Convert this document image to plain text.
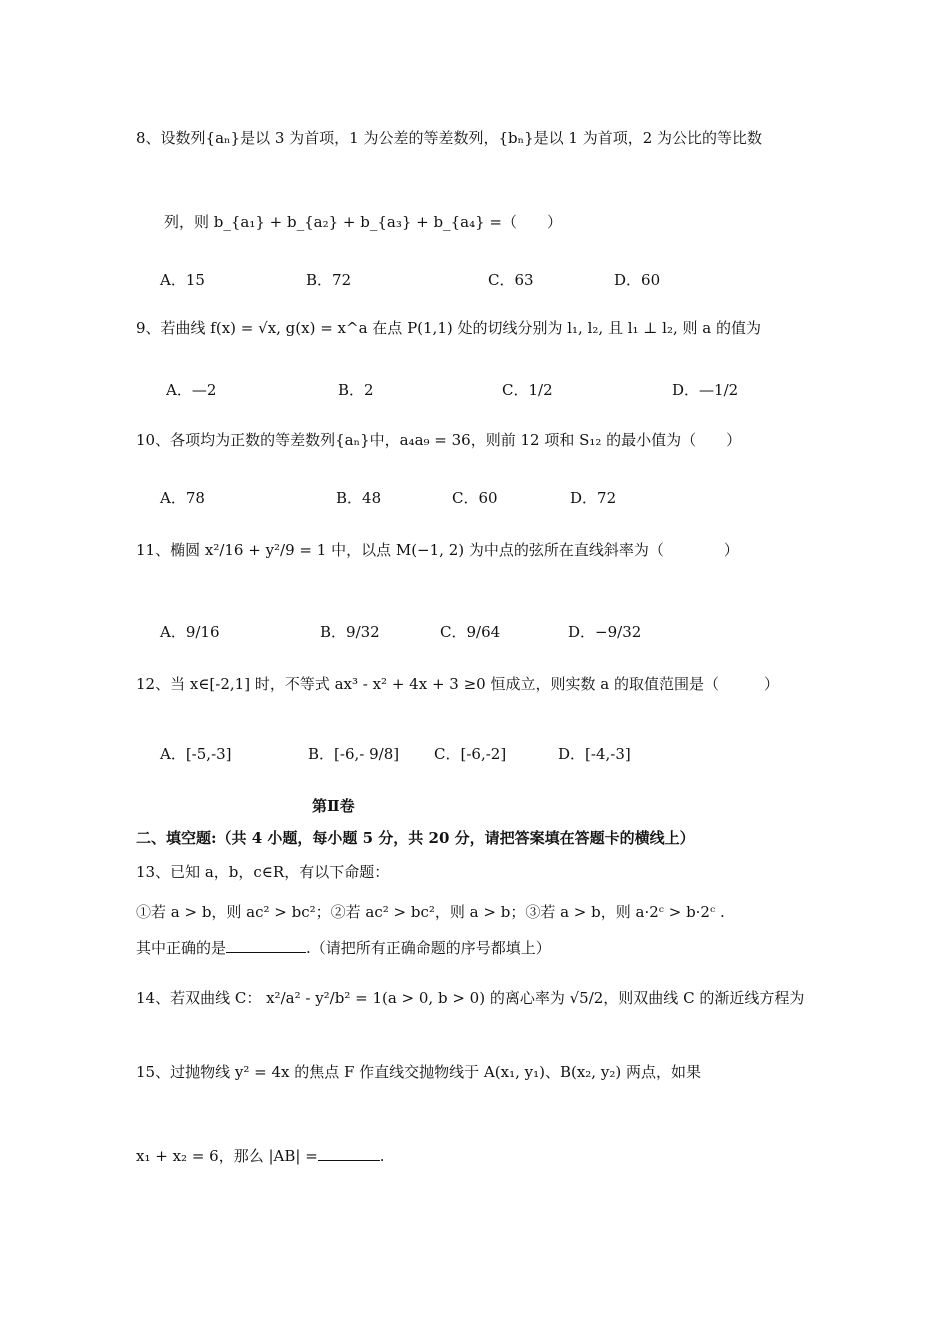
8、设数列{aₙ}是以 3 为首项，1 为公差的等差数列，{bₙ}是以 1 为首项，2 为公比的等比数
列，则 b_{a₁} + b_{a₂} + b_{a₃} + b_{a₄} =（　　）
A．15	B．72	C．63	D．60
9、若曲线 f(x) = √x, g(x) = x^a 在点 P(1,1) 处的切线分别为 l₁, l₂, 且 l₁ ⊥ l₂, 则 a 的值为
A．—2	B．2	C．1/2	D．—1/2
10、各项均为正数的等差数列{aₙ}中，a₄a₉ = 36，则前 12 项和 S₁₂ 的最小值为（　　）
A．78	B．48	C．60	D．72
11、椭圆 x²/16 + y²/9 = 1 中，以点 M(−1, 2) 为中点的弦所在直线斜率为（　　　　）
A．9/16	B．9/32	C．9/64	D．−9/32
12、当 x∈[-2,1] 时，不等式 ax³ - x² + 4x + 3 ≥0 恒成立，则实数 a 的取值范围是（　　　）
A．[-5,-3]	B．[-6,- 9/8] C．[-6,-2]	D．[-4,-3]
第Ⅱ卷
二、填空题:（共 4 小题，每小题 5 分，共 20 分，请把答案填在答题卡的横线上）
13、已知 a，b，c∈R，有以下命题：
①若 a > b，则 ac² > bc²；②若 ac² > bc²，则 a > b；③若 a > b，则 a·2ᶜ > b·2ᶜ .
其中正确的是	.（请把所有正确命题的序号都填上）
14、若双曲线 C： x²/a² - y²/b² = 1(a > 0, b > 0) 的离心率为 √5/2，则双曲线 C 的渐近线方程为
15、过抛物线 y² = 4x 的焦点 F 作直线交抛物线于 A(x₁, y₁)、B(x₂, y₂) 两点，如果
x₁ + x₂ = 6，那么 |AB| =	.
